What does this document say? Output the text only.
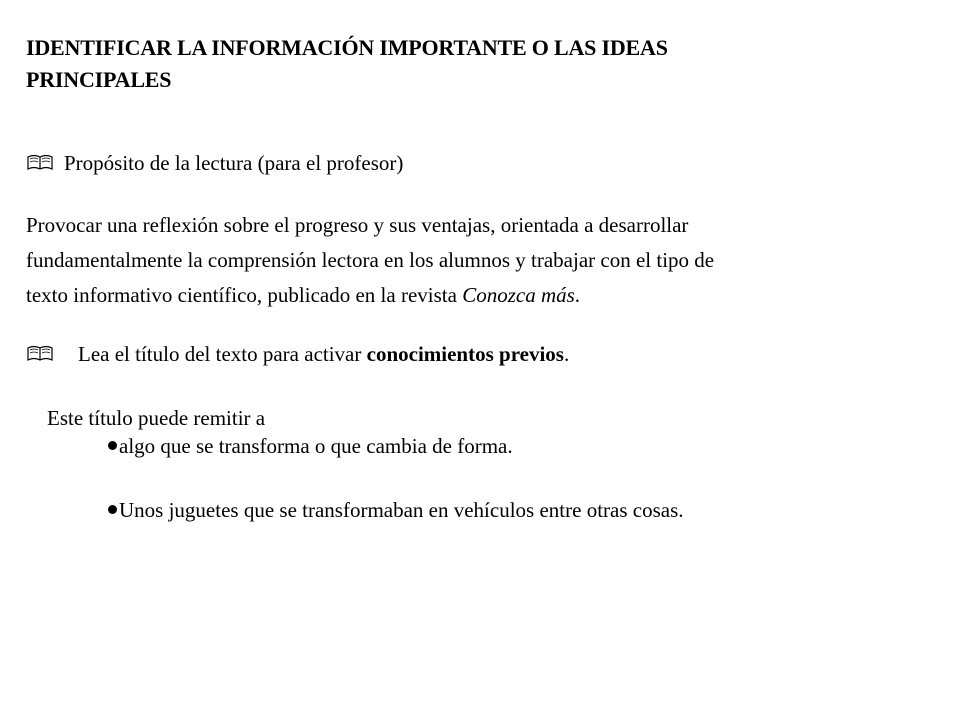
IDENTIFICAR LA INFORMACIÓN IMPORTANTE O LAS IDEAS
PRINCIPALES
Propósito de la lectura (para el profesor)
Provocar una reflexión sobre el progreso y sus ventajas, orientada a desarrollar
fundamentalmente la comprensión lectora en los alumnos y trabajar con el tipo de
texto informativo científico, publicado en la revista Conozca más.
Lea el título del texto para activar conocimientos previos.
Este título puede remitir a
algo que se transforma o que cambia de forma.
Unos juguetes que se transformaban en vehículos entre otras cosas.
